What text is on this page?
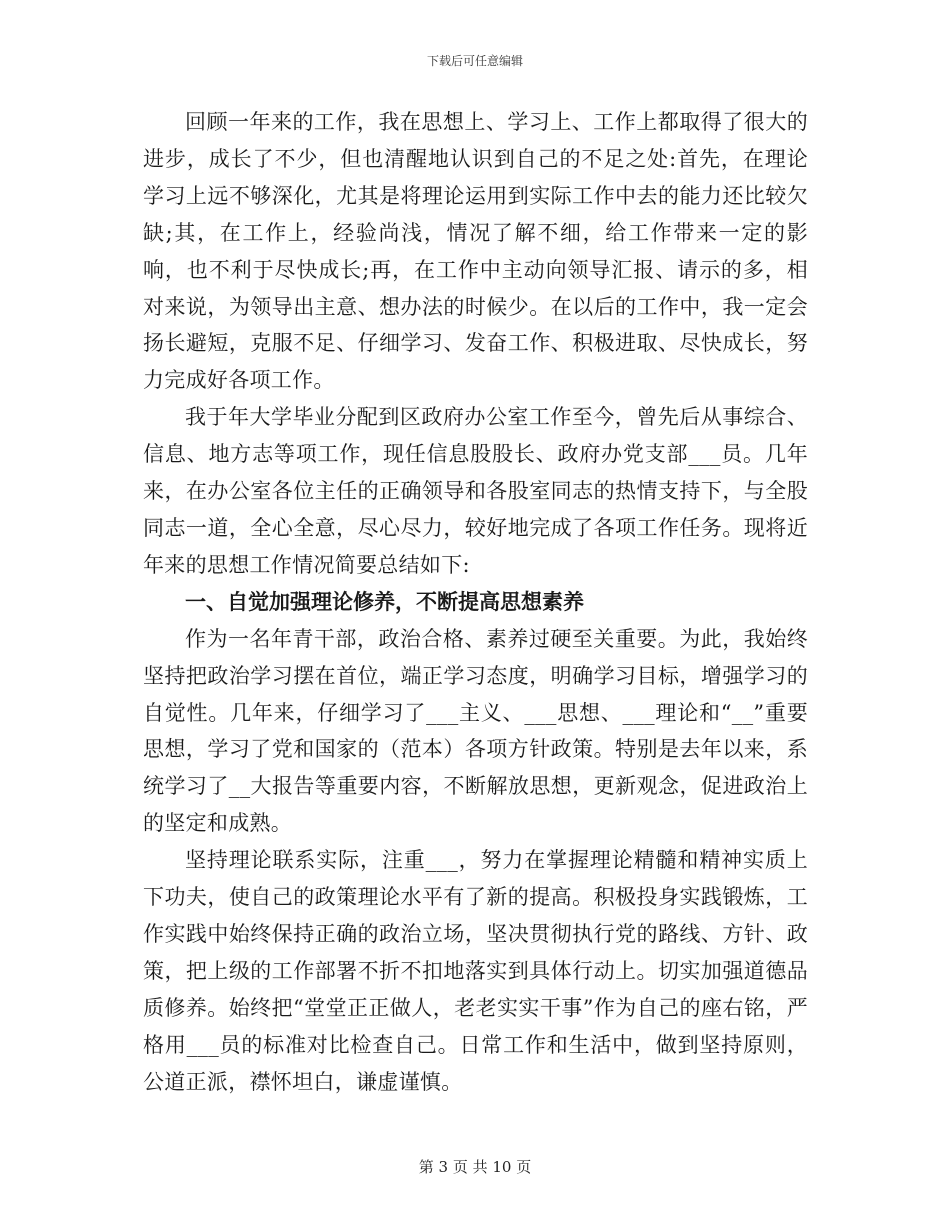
下载后可任意编辑

回顾一年来的工作，我在思想上、学习上、工作上都取得了很大的进步，成长了不少，但也清醒地认识到自己的不足之处:首先，在理论学习上远不够深化，尤其是将理论运用到实际工作中去的能力还比较欠缺;其，在工作上，经验尚浅，情况了解不细，给工作带来一定的影响，也不利于尽快成长;再，在工作中主动向领导汇报、请示的多，相对来说，为领导出主意、想办法的时候少。在以后的工作中，我一定会扬长避短，克服不足、仔细学习、发奋工作、积极进取、尽快成长，努力完成好各项工作。

我于年大学毕业分配到区政府办公室工作至今，曾先后从事综合、信息、地方志等项工作，现任信息股股长、政府办党支部___员。几年来，在办公室各位主任的正确领导和各股室同志的热情支持下，与全股同志一道，全心全意，尽心尽力，较好地完成了各项工作任务。现将近年来的思想工作情况简要总结如下:

一、自觉加强理论修养，不断提高思想素养

作为一名年青干部，政治合格、素养过硬至关重要。为此，我始终坚持把政治学习摆在首位，端正学习态度，明确学习目标，增强学习的自觉性。几年来，仔细学习了___主义、___思想、___理论和“__”重要思想，学习了党和国家的（范本）各项方针政策。特别是去年以来，系统学习了__大报告等重要内容，不断解放思想，更新观念，促进政治上的坚定和成熟。

坚持理论联系实际，注重___，努力在掌握理论精髓和精神实质上下功夫，使自己的政策理论水平有了新的提高。积极投身实践锻炼，工作实践中始终保持正确的政治立场，坚决贯彻执行党的路线、方针、政策，把上级的工作部署不折不扣地落实到具体行动上。切实加强道德品质修养。始终把“堂堂正正做人，老老实实干事”作为自己的座右铭，严格用___员的标准对比检查自己。日常工作和生活中，做到坚持原则，公道正派，襟怀坦白，谦虚谨慎。

第 3 页 共 10 页
